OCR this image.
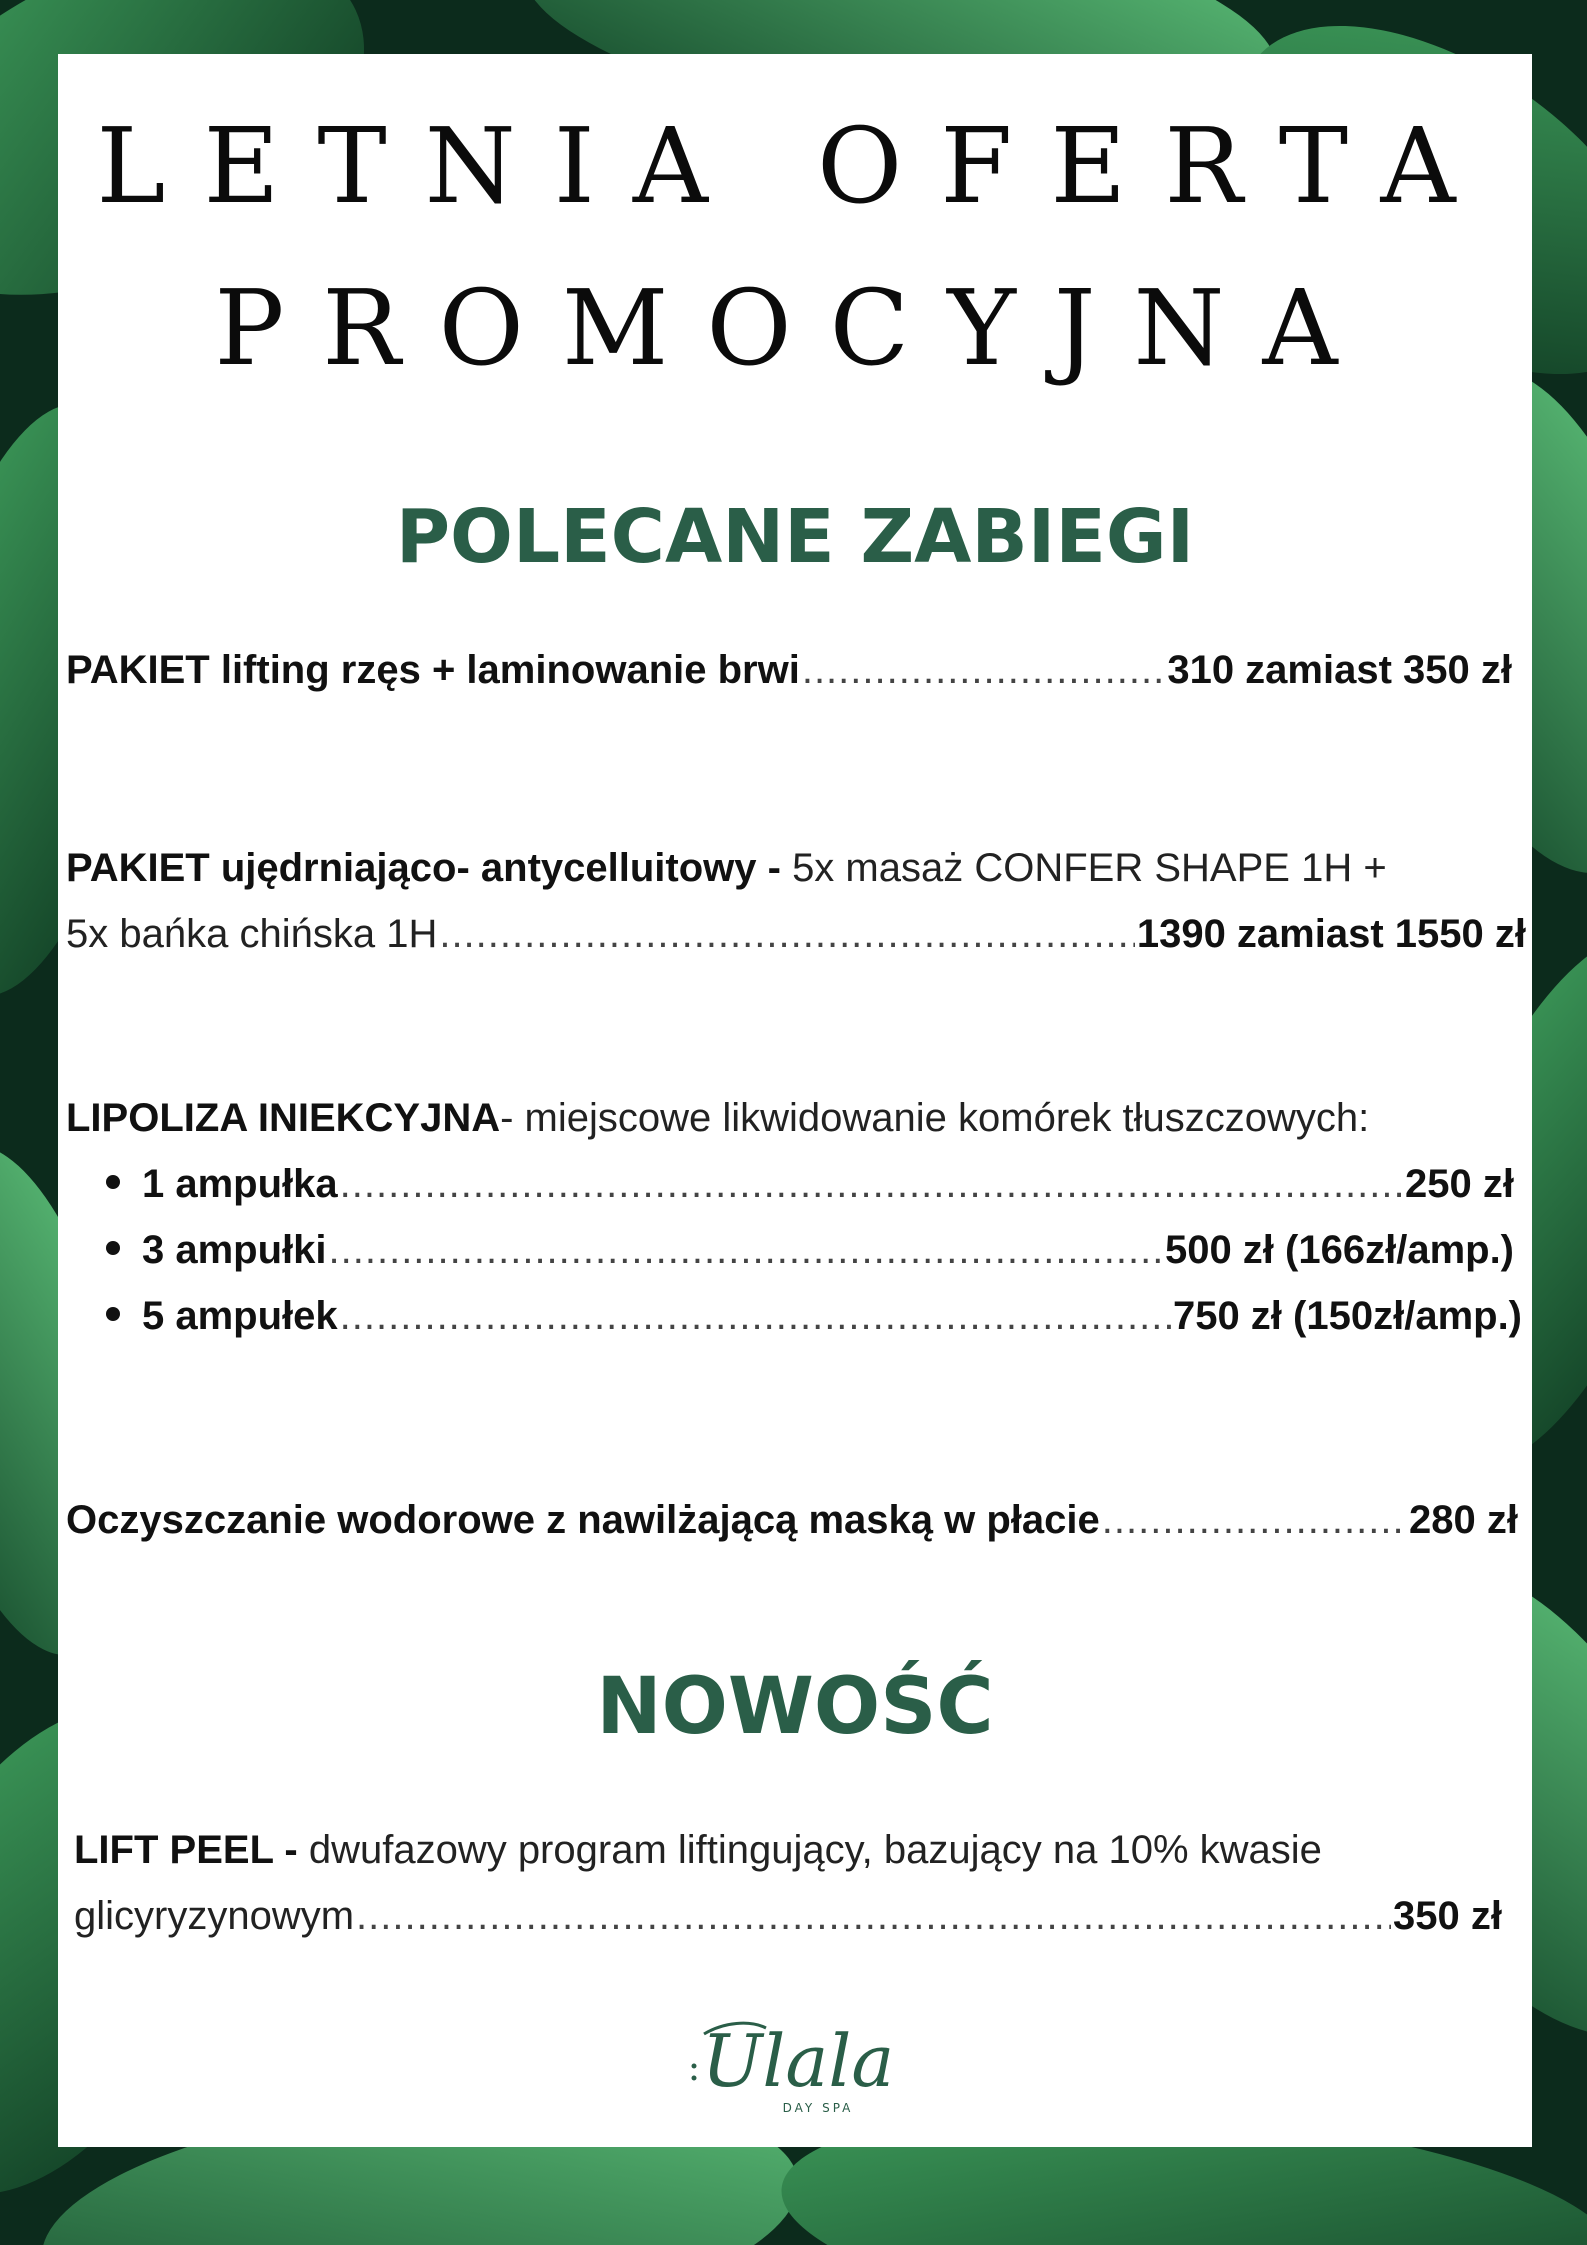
LETNIA OFERTA
PROMOCYJNA
POLECANE ZABIEGI
PAKIET lifting rzęs + laminowanie brwi .....	310 zamiast 350 zł
PAKIET ujędrniająco- antycelluitowy - 5x masaż CONFER SHAPE 1H +
5x bańka chińska 1H .....	1390 zamiast 1550 zł
LIPOLIZA INIEKCYJNA- miejscowe likwidowanie komórek tłuszczowych:
1 ampułka .....	250 zł
3 ampułki .....	500 zł (166zł/amp.)
5 ampułek .....	750 zł (150zł/amp.)
Oczyszczanie wodorowe z nawilżającą maską w płacie .....	280 zł
NOWOŚĆ
LIFT PEEL - dwufazowy program liftingujący, bazujący na 10% kwasie
glicyryzynowym .....	350 zł
Ulala
DAY SPA
